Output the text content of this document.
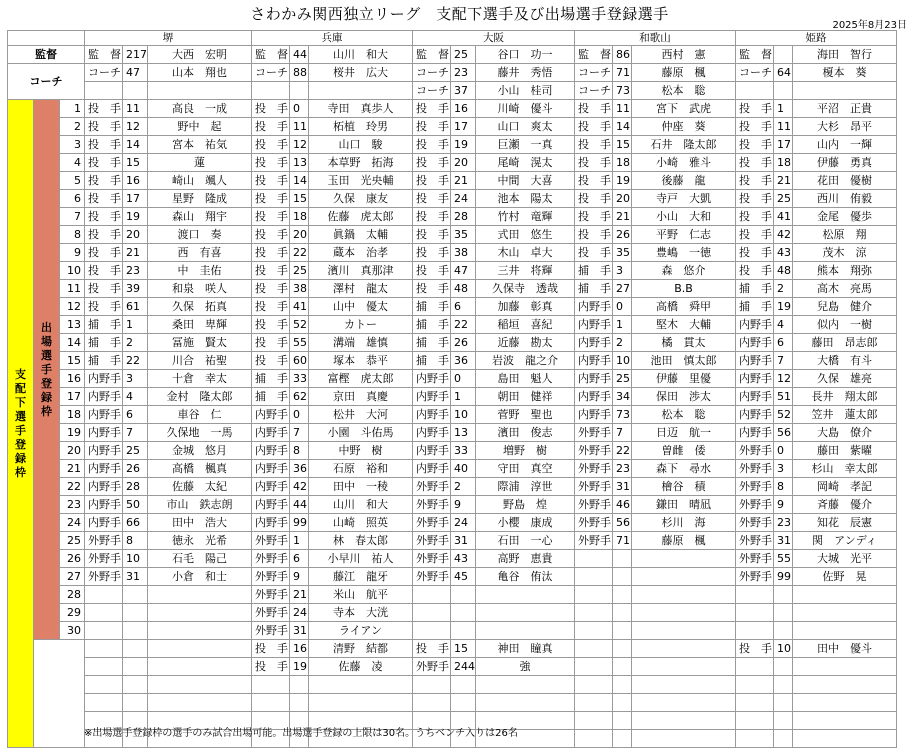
さわかみ関西独立リーグ　支配下選手及び出場選手登録選手
2025年8月23日
			堺			兵庫			大阪			和歌山			姫路		
監督			監　督	217	大西　宏明	監　督	44	山川　和大	監　督	25	谷口　功一	監　督	86	西村　憲	監　督		海田　智行
コーチ			コーチ	47	山本　翔也	コーチ	88	桜井　広大	コーチ	23	藤井　秀悟	コーチ	71	藤原　楓	コーチ	64	榎本　葵
									コーチ	37	小山　桂司	コーチ	73	松本　聡			

支配下選手登録枠	出場選手登録枠	1	投　手	11	高良　一成	投　手	0	寺田　真歩人	投　手	16	川崎　優斗	投　手	11	宮下　武虎	投　手	1	平沼　正貴
		2	投　手	12	野中　起	投　手	11	柘植　玲男	投　手	17	山口　爽太	投　手	14	仲座　葵	投　手	11	大杉　昂平
		3	投　手	14	宮本　祐気	投　手	12	山口　駿	投　手	19	巨瀬　一真	投　手	15	石井　隆太郎	投　手	17	山内　一輝
		4	投　手	15	蓮	投　手	13	本草野　拓海	投　手	20	尾崎　滉太	投　手	18	小崎　雅斗	投　手	18	伊藤　勇真
		5	投　手	16	崎山　颯人	投　手	14	玉田　光央輔	投　手	21	中間　大喜	投　手	19	後藤　龍	投　手	21	花田　優樹
		6	投　手	17	星野　隆成	投　手	15	久保　康友	投　手	24	池本　陽太	投　手	20	寺戸　大凱	投　手	25	西川　侑毅
		7	投　手	19	森山　翔宇	投　手	18	佐藤　虎太郎	投　手	28	竹村　竜輝	投　手	21	小山　大和	投　手	41	金尾　優歩
		8	投　手	20	渡口　奏	投　手	20	眞鍋　太輔	投　手	35	式田　悠生	投　手	26	平野　仁志	投　手	42	松原　翔
		9	投　手	21	西　有喜	投　手	22	蔵本　治孝	投　手	38	木山　卓大	投　手	35	豊嶋　一徳	投　手	43	茂木　涼
		10	投　手	23	中　圭佑	投　手	25	濱川　真那津	投　手	47	三井　将輝	捕　手	3	森　悠介	投　手	48	熊本　翔弥
		11	投　手	39	和泉　咲人	投　手	38	澤村　龍太	投　手	48	久保寺　透哉	捕　手	27	B.B	捕　手	2	高木　亮馬
		12	投　手	61	久保　拓真	投　手	41	山中　優太	捕　手	6	加藤　彰真	内野手	0	高橋　舜甲	捕　手	19	兒島　健介
		13	捕　手	1	桑田　卑輝	投　手	52	カトー	捕　手	22	稲垣　喜紀	内野手	1	堅木　大輔	内野手	4	似内　一樹
		14	捕　手	2	冨施　賢太	投　手	55	溝端　雄慎	捕　手	26	近藤　勘太	内野手	2	橘　貫太	内野手	6	藤田　昂志郎
		15	捕　手	22	川合　祐聖	投　手	60	塚本　恭平	捕　手	36	岩波　龍之介	内野手	10	池田　慎太郎	内野手	7	大橋　有斗
		16	内野手	3	十倉　幸太	捕　手	33	富樫　虎太郎	内野手	0	島田　魁人	内野手	25	伊藤　里優	内野手	12	久保　雄亮
		17	内野手	4	金村　隆太郎	捕　手	62	京田　真慶	内野手	1	朝田　健祥	内野手	34	保田　渉太	内野手	51	長井　翔太郎
		18	内野手	6	車谷　仁	内野手	0	松井　大河	内野手	10	菅野　聖也	内野手	73	松本　聡	内野手	52	笠井　蓮太郎
		19	内野手	7	久保地　一馬	内野手	7	小園　斗佑馬	内野手	13	濱田　俊志	外野手	7	日迈　航一	内野手	56	大島　僚介
		20	内野手	25	金城　悠月	内野手	8	中野　樹	内野手	33	増野　樹	外野手	22	曽雌　倭	外野手	0	藤田　紫曜
		21	内野手	26	高橋　楓真	内野手	36	石原　裕和	内野手	40	守田　真空	外野手	23	森下　尋水	外野手	3	杉山　幸太郎
		22	内野手	28	佐藤　太紀	内野手	42	田中　一稜	外野手	2	際浦　淳世	外野手	31	檜谷　積	外野手	8	岡崎　孝記
		23	内野手	50	市山　鉄志朗	内野手	44	山川　和大	外野手	9	野島　煌	外野手	46	鎌田　晴凪	外野手	9	斉藤　優介
		24	内野手	66	田中　浩大	内野手	99	山崎　照英	外野手	24	小櫻　康成	外野手	56	杉川　海	外野手	23	知花　辰憲
		25	外野手	8	徳永　光希	外野手	1	林　春太郎	外野手	31	石田　一心	外野手	71	藤原　楓	外野手	31	関　アンディ
		26	外野手	10	石毛　陽己	外野手	6	小早川　祐人	外野手	43	高野　恵貴				外野手	55	大城　光平
		27	外野手	31	小倉　和士	外野手	9	藤江　龍牙	外野手	45	亀谷　侑汰				外野手	99	佐野　晃
		28				外野手	21	米山　航平									
		29				外野手	24	寺本　大洸									
		30				外野手	31	ライアン									
						投　手	16	清野　結都	投　手	15	神田　瞳真				投　手	10	田中　優斗
						投　手	19	佐藤　凌	外野手	244	強						

※出場選手登録枠の選手のみ試合出場可能。出場選手登録の上限は30名。うちベンチ入りは26名
